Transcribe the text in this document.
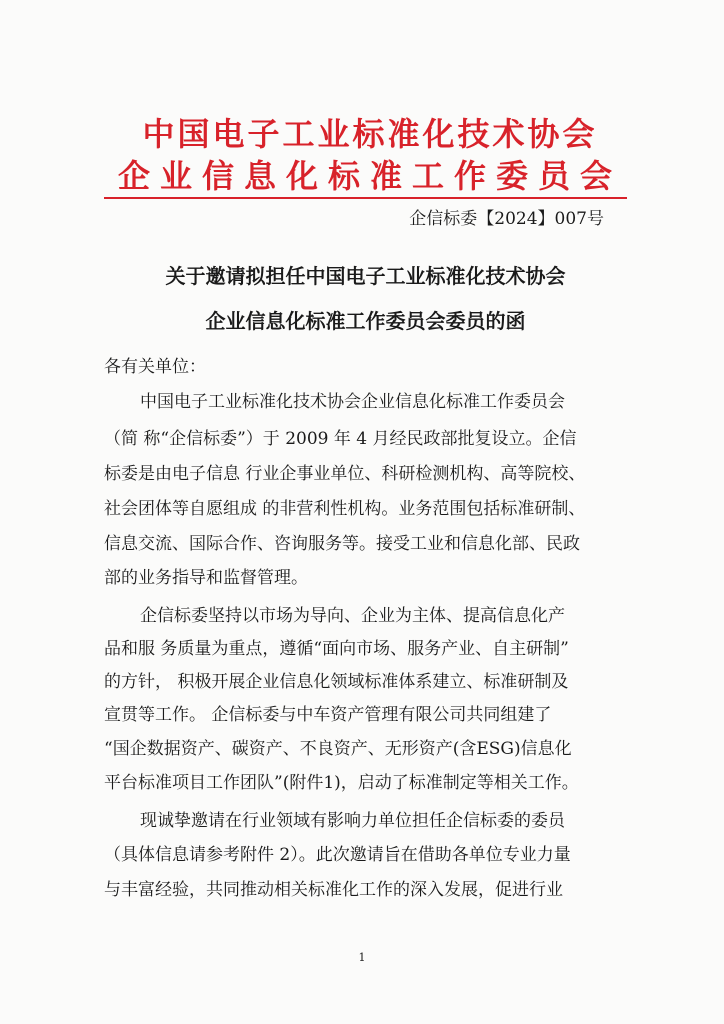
中国电子工业标准化技术协会
企业信息化标准工作委员会
企信标委【2024】007号
关于邀请拟担任中国电子工业标准化技术协会
企业信息化标准工作委员会委员的函
各有关单位：
中国电子工业标准化技术协会企业信息化标准工作委员会
（简 称“企信标委”）于 2009 年 4 月经民政部批复设立。企信
标委是由电子信息 行业企事业单位、科研检测机构、高等院校、
社会团体等自愿组成 的非营利性机构。业务范围包括标准研制、
信息交流、国际合作、咨询服务等。接受工业和信息化部、民政
部的业务指导和监督管理。
企信标委坚持以市场为导向、企业为主体、提高信息化产
品和服 务质量为重点，遵循“面向市场、服务产业、自主研制”
的方针， 积极开展企业信息化领域标准体系建立、标准研制及
宣贯等工作。 企信标委与中车资产管理有限公司共同组建了
“国企数据资产、碳资产、不良资产、无形资产(含ESG)信息化
平台标准项目工作团队”(附件1)，启动了标准制定等相关工作。
现诚挚邀请在行业领域有影响力单位担任企信标委的委员
（具体信息请参考附件 2）。此次邀请旨在借助各单位专业力量
与丰富经验，共同推动相关标准化工作的深入发展，促进行业
1
